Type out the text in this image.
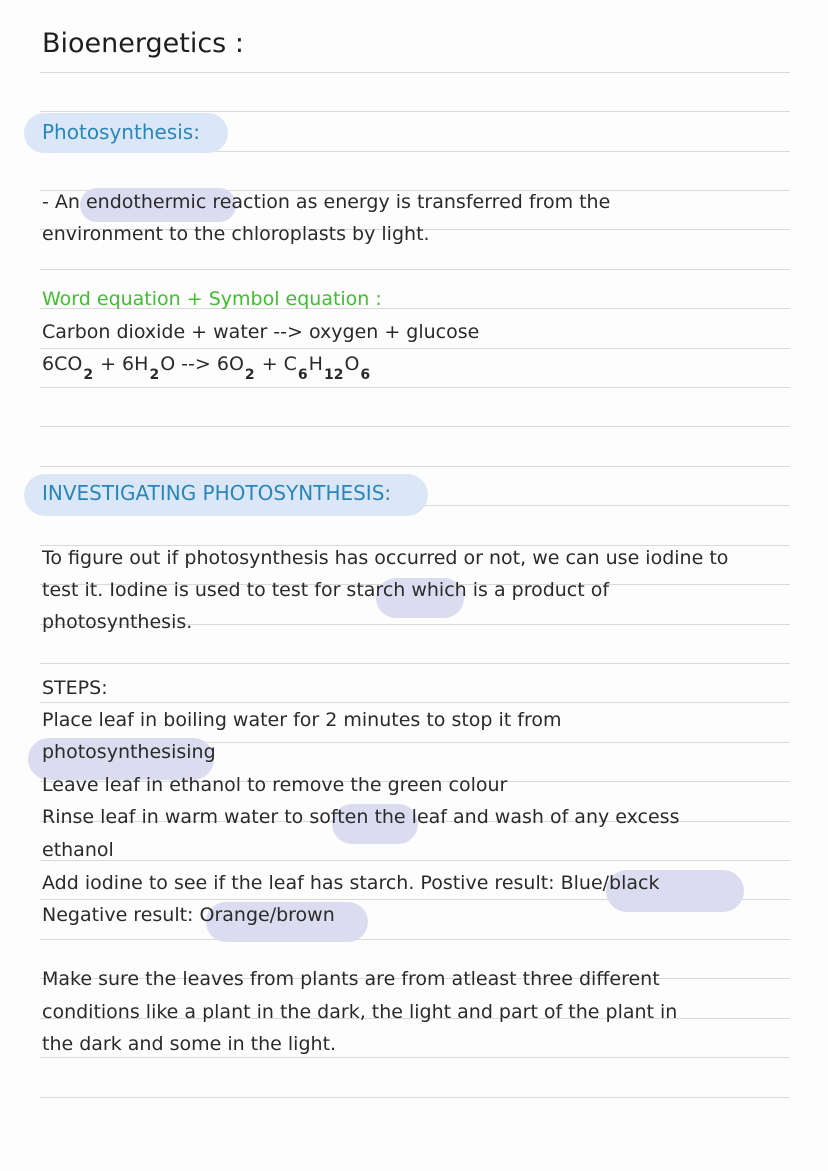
Bioenergetics :
Photosynthesis:
- An endothermic reaction as energy is transferred from the
environment to the chloroplasts by light.
Word equation + Symbol equation :
Carbon dioxide + water --> oxygen + glucose
$6CO_2 + 6H_2O$ --> $6O_2 + C_6H_{12}O_6$
INVESTIGATING PHOTOSYNTHESIS:
To figure out if photosynthesis has occurred or not, we can use iodine to
test it. Iodine is used to test for starch which is a product of
photosynthesis.
STEPS:
Place leaf in boiling water for 2 minutes to stop it from
photosynthesising
Leave leaf in ethanol to remove the green colour
Rinse leaf in warm water to soften the leaf and wash of any excess
ethanol
Add iodine to see if the leaf has starch. Postive result: Blue/black
Negative result: Orange/brown
Make sure the leaves from plants are from atleast three different
conditions like a plant in the dark, the light and part of the plant in
the dark and some in the light.
